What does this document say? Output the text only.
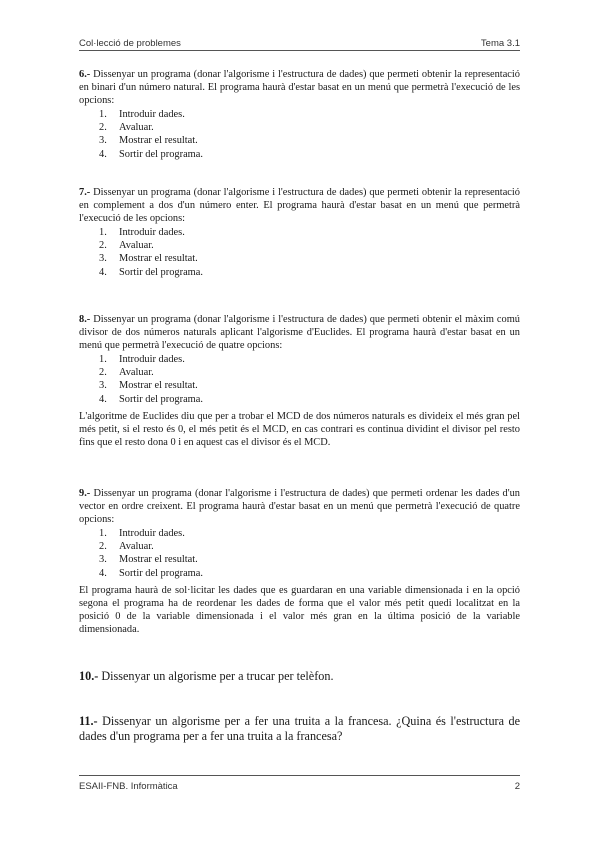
Col·lecció de problemes	Tema 3.1

6.- Dissenyar un programa (donar l'algorisme i l'estructura de dades) que permeti obtenir la representació en binari d'un número natural. El programa haurà d'estar basat en un menú que permetrà l'execució de les opcions:

1. Introduir dades.
2. Avaluar.
3. Mostrar el resultat.
4. Sortir del programa.

7.- Dissenyar un programa (donar l'algorisme i l'estructura de dades) que permeti obtenir la representació en complement a dos d'un número enter. El programa haurà d'estar basat en un menú que permetrà l'execució de les opcions:

1. Introduir dades.
2. Avaluar.
3. Mostrar el resultat.
4. Sortir del programa.

8.- Dissenyar un programa (donar l'algorisme i l'estructura de dades) que permeti obtenir el màxim comú divisor de dos números naturals aplicant l'algorisme d'Euclides. El programa haurà d'estar basat en un menú que permetrà l'execució de quatre opcions:

1. Introduir dades.
2. Avaluar.
3. Mostrar el resultat.
4. Sortir del programa.

L'algoritme de Euclides diu que per a trobar el MCD de dos números naturals es divideix el més gran pel més petit, si el resto és 0, el més petit és el MCD, en cas contrari es continua dividint el divisor pel resto fins que el resto dona 0 i en aquest cas el divisor és el MCD.

9.- Dissenyar un programa (donar l'algorisme i l'estructura de dades) que permeti ordenar les dades d'un vector en ordre creixent. El programa haurà d'estar basat en un menú que permetrà l'execució de quatre opcions:

1. Introduir dades.
2. Avaluar.
3. Mostrar el resultat.
4. Sortir del programa.

El programa haurà de sol·licitar les dades que es guardaran en una variable dimensionada i en la opció segona el programa ha de reordenar les dades de forma que el valor més petit quedi localitzat en la posició 0 de la variable dimensionada i el valor més gran en la última posició de la variable dimensionada.

10.- Dissenyar un algorisme per a trucar per telèfon.

11.- Dissenyar un algorisme per a fer una truita a la francesa. ¿Quina és l'estructura de dades d'un programa per a fer una truita a la francesa?

ESAII-FNB. Informàtica	2
